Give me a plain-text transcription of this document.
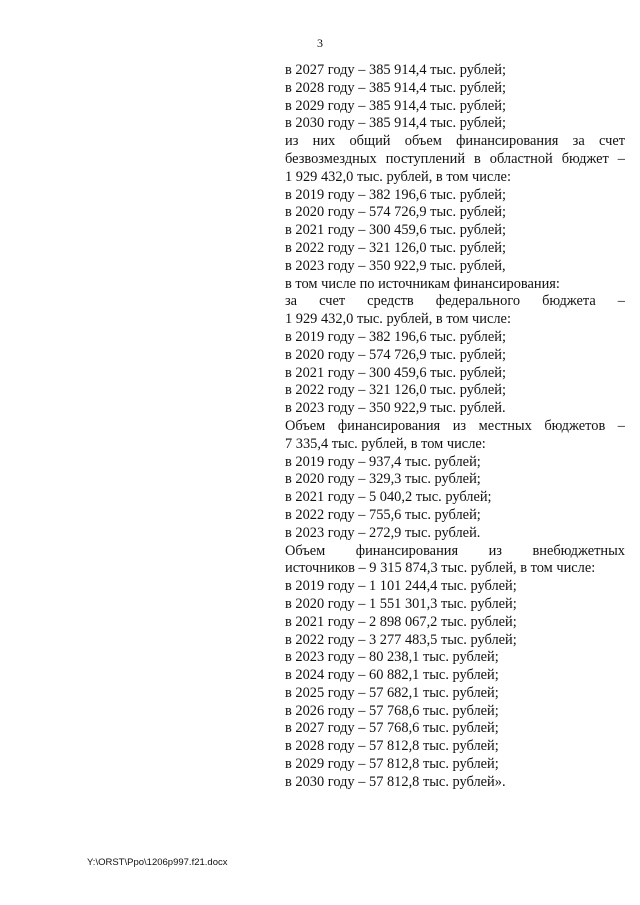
3
в 2027 году – 385 914,4 тыс. рублей;
в 2028 году – 385 914,4 тыс. рублей;
в 2029 году – 385 914,4 тыс. рублей;
в 2030 году – 385 914,4 тыс. рублей;
из них общий объем финансирования за счет
безвозмездных поступлений в областной бюджет –
1 929 432,0 тыс. рублей, в том числе:
в 2019 году – 382 196,6 тыс. рублей;
в 2020 году – 574 726,9 тыс. рублей;
в 2021 году – 300 459,6 тыс. рублей;
в 2022 году – 321 126,0 тыс. рублей;
в 2023 году – 350 922,9 тыс. рублей,
в том числе по источникам финансирования:
за счет средств федерального бюджета –
1 929 432,0 тыс. рублей, в том числе:
в 2019 году – 382 196,6 тыс. рублей;
в 2020 году – 574 726,9 тыс. рублей;
в 2021 году – 300 459,6 тыс. рублей;
в 2022 году – 321 126,0 тыс. рублей;
в 2023 году – 350 922,9 тыс. рублей.
Объем финансирования из местных бюджетов –
7 335,4 тыс. рублей, в том числе:
в 2019 году – 937,4 тыс. рублей;
в 2020 году – 329,3 тыс. рублей;
в 2021 году – 5 040,2 тыс. рублей;
в 2022 году – 755,6 тыс. рублей;
в 2023 году – 272,9 тыс. рублей.
Объем финансирования из внебюджетных
источников – 9 315 874,3 тыс. рублей, в том числе:
в 2019 году – 1 101 244,4 тыс. рублей;
в 2020 году – 1 551 301,3 тыс. рублей;
в 2021 году – 2 898 067,2 тыс. рублей;
в 2022 году – 3 277 483,5 тыс. рублей;
в 2023 году – 80 238,1 тыс. рублей;
в 2024 году – 60 882,1 тыс. рублей;
в 2025 году – 57 682,1 тыс. рублей;
в 2026 году – 57 768,6 тыс. рублей;
в 2027 году – 57 768,6 тыс. рублей;
в 2028 году – 57 812,8 тыс. рублей;
в 2029 году – 57 812,8 тыс. рублей;
в 2030 году – 57 812,8 тыс. рублей».
Y:\ORST\Ppo\1206p997.f21.docx
